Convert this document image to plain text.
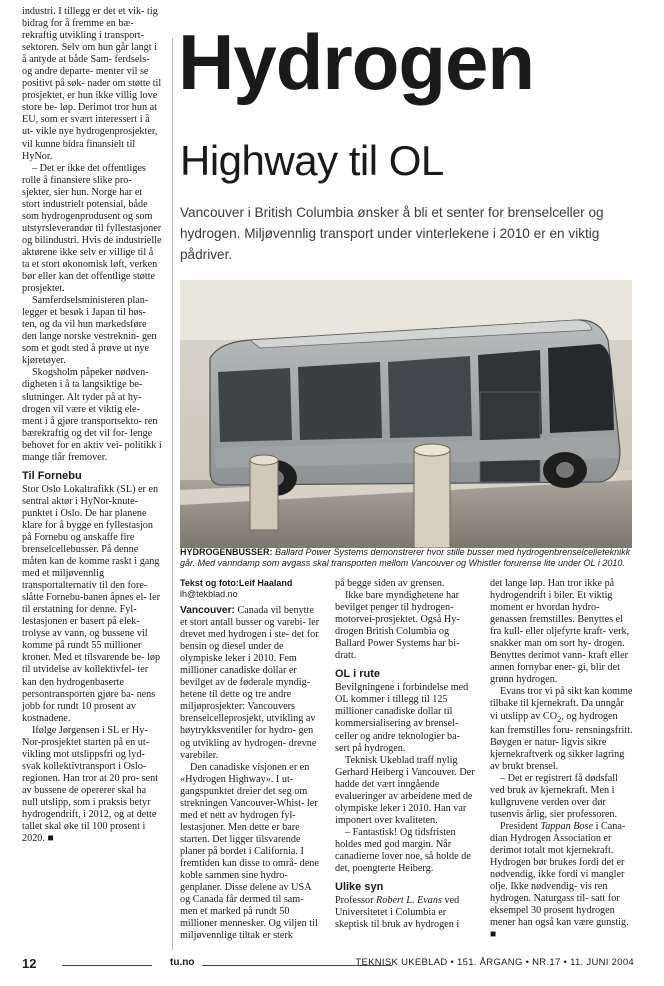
industri. I tillegg er det et vik- tig bidrag for å fremme en bæ- rekraftig utvikling i transport- sektoren. Selv om hun går langt i å antyde at både Sam- ferdsels- og andre departe- menter vil se positivt på søk- nader om støtte til prosjektet, er hun ikke villig love store be- løp. Derimot tror hun at EU, som er svært interessert i å ut- vikle nye hydrogenprosjekter, vil kunne bidra finansielt til HyNor.

– Det er ikke det offentliges rolle å finansiere slike pro- sjekter, sier hun. Norge har et stort industrielt potensial, både som hydrogenprodusent og som utstyrsleverandør til fyllestasjoner og bilindustri. Hvis de industrielle aktørene ikke selv er villige til å ta et stort økonomisk løft, verken bør eller kan det offentlige støtte prosjektet.

Samferdselsministeren plan- legger et besøk i Japan til høs- ten, og da vil hun markedsføre den lange norske vestreknin- gen som et godt sted å prøve ut nye kjøretøyer.

Skogsholm påpeker nødven- digheten i å ta langsiktige be- slutninger. Alt tyder på at hy- drogen vil være et viktig ele- ment i å gjøre transportsekto- ren bærekraftig og det vil for- lenge behovet for en aktiv vei- politikk i mange tiår fremover.

Til Fornebu

Stor Oslo Lokaltrafikk (SL) er en sentral aktør i HyNor-knute- punktet i Oslo. De har planene klare for å bygge en fyllestasjon på Fornebu og anskaffe fire brenselcellebusser. På denne måten kan de komme raskt i gang med et miljøvennlig transportalternativ til den fore- slåtte Fornebu-banen åpnes el- ler til erstatning for denne. Fyl- lestasjonen er basert på elek- trolyse av vann, og bussene vil komme på rundt 55 millioner kroner. Med et tilsvarende be- løp til utvidelse av kollektivfel- ter kan den hydrogenbaserte persontransporten gjøre ba- nens jobb for rundt 10 prosent av kostnadene.

Ifølge Jørgensen i SL er Hy- Nor-prosjektet starten på en ut- vikling mot utslippsfri og lyd- svak kollektivtransport i Oslo- regionen. Han tror at 20 pro- sent av bussene de opererer skal ha null utslipp, som i praksis betyr hydrogendrift, i 2012, og at dette tallet skal øke til 100 prosent i 2020. ■

Hydrogen
Highway til OL

Vancouver i British Columbia ønsker å bli et senter for brenselceller og hydrogen. Miljøvennlig transport under vinterlekene i 2010 er en viktig pådriver.

HYDROGENBUSSER: Ballard Power Systems demonstrerer hvor stille busser med hydrogenbrenselcelleteknikk går. Med vanndamp som avgass skal transporten mellom Vancouver og Whistler forurense lite under OL i 2010.

Tekst og foto:Leif Haaland

lh@tekblad.no

Vancouver: Canada vil benytte et stort antall busser og varebi- ler drevet med hydrogen i ste- det for bensin og diesel under de olympiske leker i 2010. Fem millioner canadiske dollar er bevilget av de føderale myndig- hetene til dette og tre andre miljøprosjekter: Vancouvers brenselcelleprosjekt, utvikling av høytrykksventiler for hydro- gen og utvikling av hydrogen- drevne varebiler.

Den canadiske visjonen er en «Hydrogen Highway». I ut- gangspunktet dreier det seg om strekningen Vancouver-Whist- ler med et nett av hydrogen fyl- lestasjoner. Men dette er bare starten. Det ligger tilsvarende planer på bordet i California. I fremtiden kan disse to områ- dene koble sammen sine hydro- genplaner. Disse delene av USA og Canada får dermed til sam- men et marked på rundt 50 millioner mennesker. Og viljen til miljøvennlige tiltak er sterk

på begge siden av grensen.

Ikke bare myndighetene har bevilget penger til hydrogen- motorvei-prosjektet. Også Hy- drogen British Columbia og Ballard Power Systems har bi- dratt.

OL i rute

Bevilgningene i forbindelse med OL kommer i tillegg til 125 millioner canadiske dollar til kommersialisering av brensel- celler og andre teknologier ba- sert på hydrogen.

Teknisk Ukeblad traff nylig Gerhard Heiberg i Vancouver. Der hadde det vært inngående evalueringer av arbeidene med de olympiske leker i 2010. Han var imponert over kvaliteten.

– Fantastisk! Og tidsfristen holdes med god margin. Når canadierne lover noe, så holde de det, poengterte Heiberg.

Ulike syn

Professor Robert L. Evans ved Universitetet i Columbia er skeptisk til bruk av hydrogen i

det lange løp. Han tror ikke på hydrogendrift i biler. Et viktig moment er hvordan hydro- genassen fremstilles. Benyttes el fra kull- eller oljefyrte kraft- verk, snakker man om sort hy- drogen. Benyttes derimot vann- kraft eller annen fornybar ener- gi, blir det grønn hydrogen.

Evans tror vi på sikt kan komme tilbake til kjernekraft. Da unngår vi utslipp av $CO_2$, og hydrogen kan fremstilles foru- rensningsfritt. Bøygen er natur- ligvis sikre kjernekraftverk og sikker lagring av brukt brensel.

– Det er registrert få dødsfall ved bruk av kjernekraft. Men i kullgruvene verden over dør tusenvis årlig, sier professoren.

President Tappan Bose i Cana- dian Hydrogen Association er derimot totalt mot kjernekraft. Hydrogen bør brukes fordi det er nødvendig, ikke fordi vi mangler olje. Ikke nødvendig- vis ren hydrogen. Naturgass til- satt for eksempel 30 prosent hydrogen mener han også kan være gunstig. ■

12	tu.no	TEKNISK UKEBLAD • 151. ÅRGANG • NR.17 • 11. JUNI 2004
